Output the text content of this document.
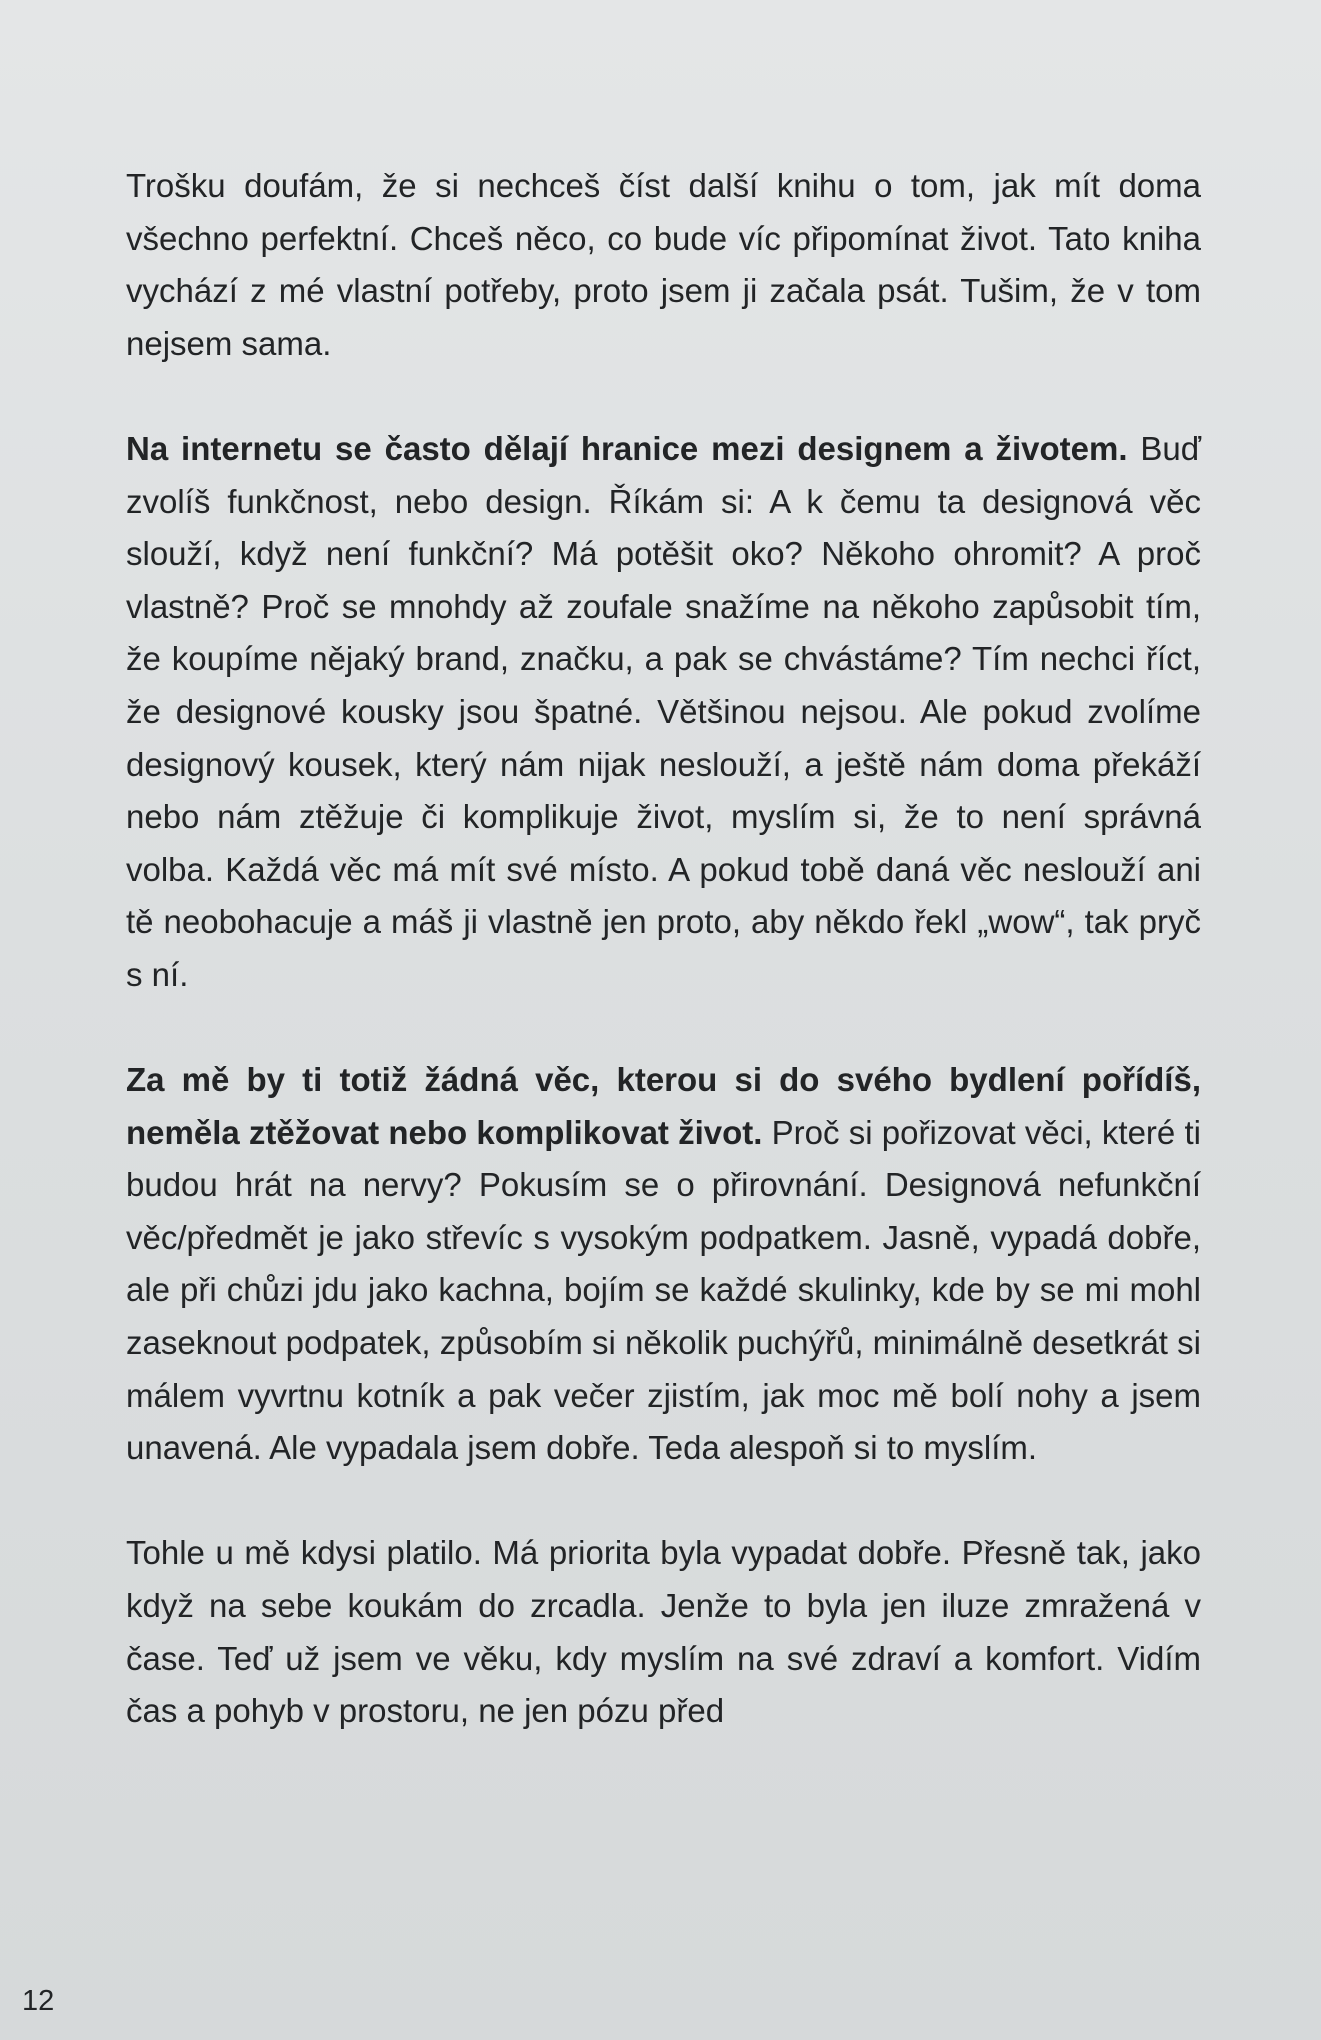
Trošku doufám, že si nechceš číst další knihu o tom, jak mít doma všechno perfektní. Chceš něco, co bude víc připomínat život. Tato kniha vychází z mé vlastní potřeby, proto jsem ji začala psát. Tušim, že v tom nejsem sama.

Na internetu se často dělají hranice mezi designem a životem. Buď zvolíš funkčnost, nebo design. Říkám si: A k čemu ta designová věc slouží, když není funkční? Má potěšit oko? Někoho ohromit? A proč vlastně? Proč se mnohdy až zoufale snažíme na někoho zapůsobit tím, že koupíme nějaký brand, značku, a pak se chvástáme? Tím nechci říct, že designové kousky jsou špatné. Většinou nejsou. Ale pokud zvolíme designový kousek, který nám nijak neslouží, a ještě nám doma překáží nebo nám ztěžuje či komplikuje život, myslím si, že to není správná volba. Každá věc má mít své místo. A pokud tobě daná věc neslouží ani tě neobohacuje a máš ji vlastně jen proto, aby někdo řekl „wow“, tak pryč s ní.

Za mě by ti totiž žádná věc, kterou si do svého bydlení pořídíš, neměla ztěžovat nebo komplikovat život. Proč si pořizovat věci, které ti budou hrát na nervy? Pokusím se o přirovnání. Designová nefunkční věc/předmět je jako střevíc s vysokým podpatkem. Jasně, vypadá dobře, ale při chůzi jdu jako kachna, bojím se každé skulinky, kde by se mi mohl zaseknout podpatek, způsobím si několik puchýřů, minimálně desetkrát si málem vyvrtnu kotník a pak večer zjistím, jak moc mě bolí nohy a jsem unavená. Ale vypadala jsem dobře. Teda alespoň si to myslím.

Tohle u mě kdysi platilo. Má priorita byla vypadat dobře. Přesně tak, jako když na sebe koukám do zrcadla. Jenže to byla jen iluze zmražená v čase. Teď už jsem ve věku, kdy myslím na své zdraví a komfort. Vidím čas a pohyb v prostoru, ne jen pózu před

12
